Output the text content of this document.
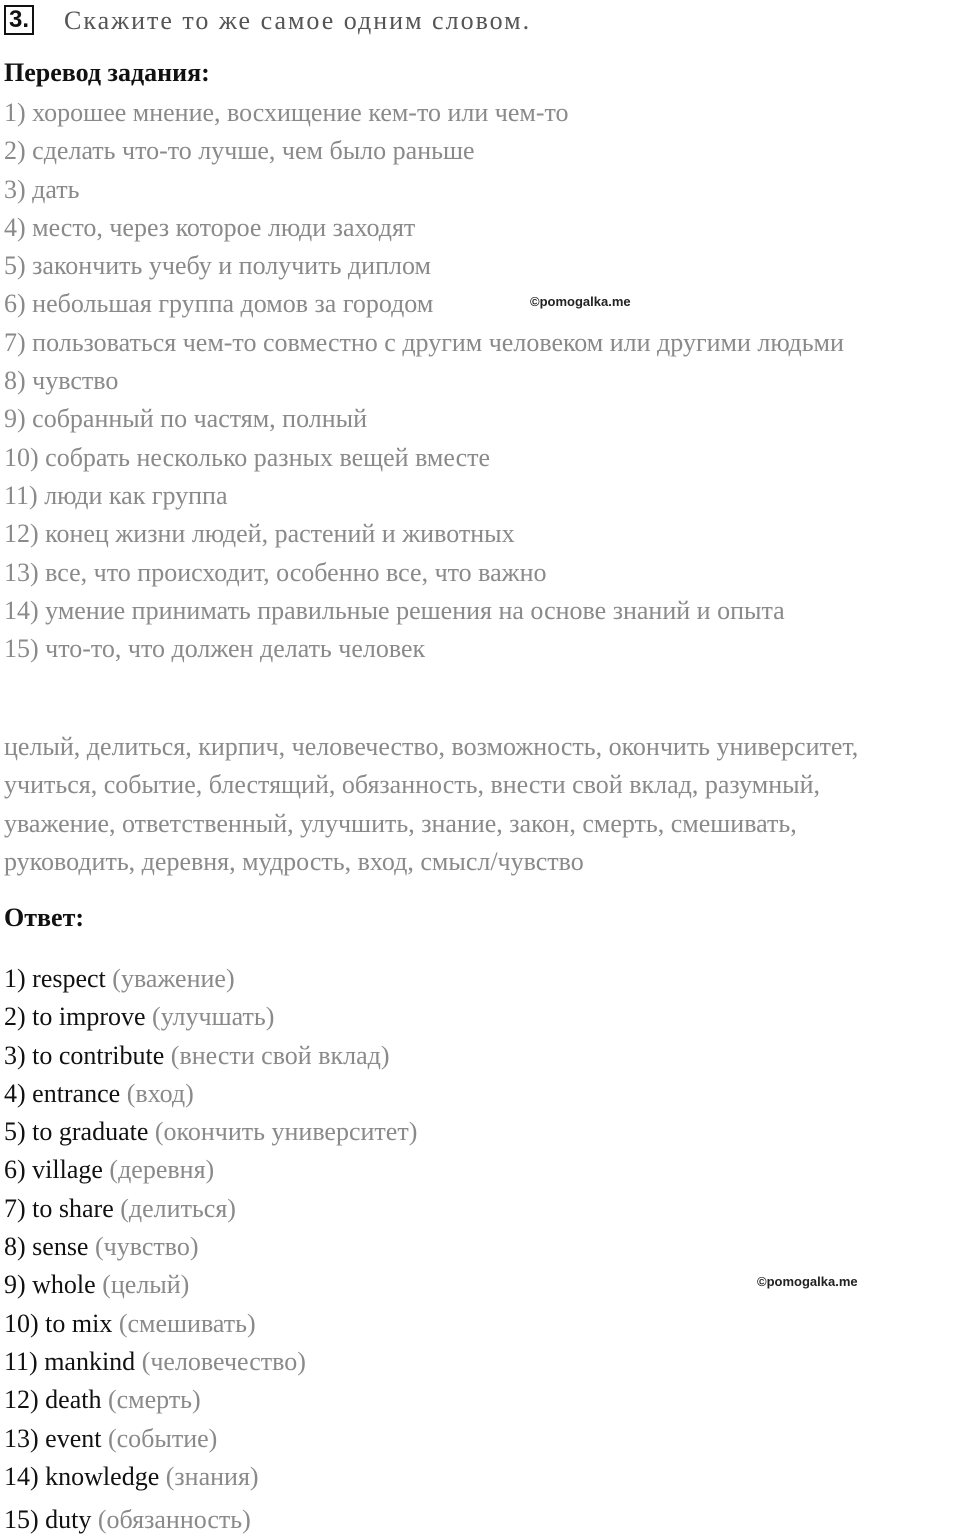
3. Скажите то же самое одним словом.
Перевод задания:
1) хорошее мнение, восхищение кем-то или чем-то
2) сделать что-то лучше, чем было раньше
3) дать
4) место, через которое люди заходят
5) закончить учебу и получить диплом
6) небольшая группа домов за городом
7) пользоваться чем-то совместно с другим человеком или другими людьми
8) чувство
9) собранный по частям, полный
10) собрать несколько разных вещей вместе
11) люди как группа
12) конец жизни людей, растений и животных
13) все, что происходит, особенно все, что важно
14) умение принимать правильные решения на основе знаний и опыта
15) что-то, что должен делать человек
©pomogalka.me
целый, делиться, кирпич, человечество, возможность, окончить университет,
учиться, событие, блестящий, обязанность, внести свой вклад, разумный,
уважение, ответственный, улучшить, знание, закон, смерть, смешивать,
руководить, деревня, мудрость, вход, смысл/чувство
Ответ:
1) respect (уважение)
2) to improve (улучшать)
3) to contribute (внести свой вклад)
4) entrance (вход)
5) to graduate (окончить университет)
6) village (деревня)
7) to share (делиться)
8) sense (чувство)
9) whole (целый)
10) to mix (смешивать)
11) mankind (человечество)
12) death (смерть)
13) event (событие)
14) knowledge (знания)
15) duty (обязанность)
©pomogalka.me
